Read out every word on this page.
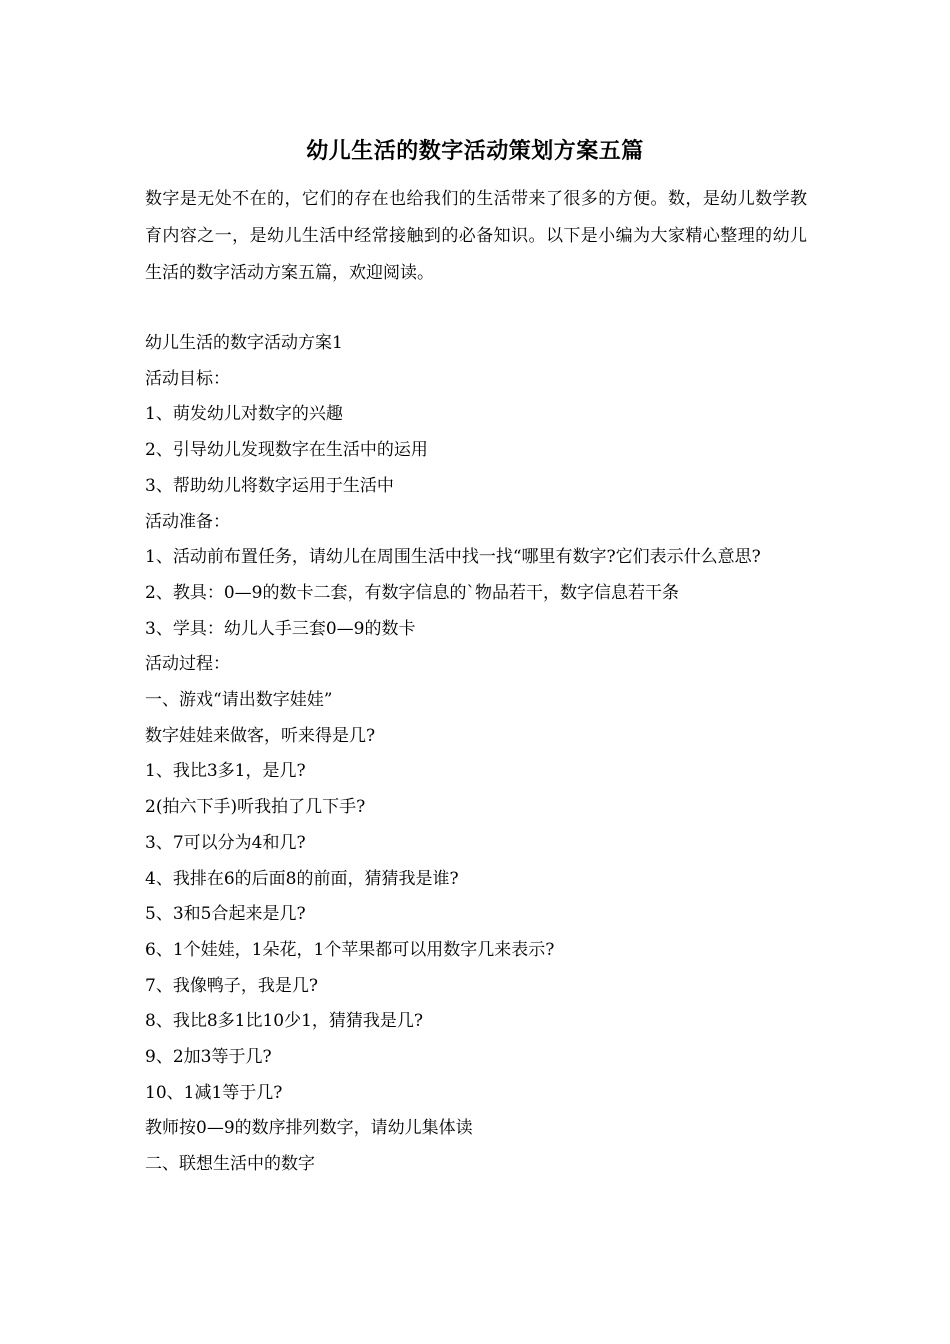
幼儿生活的数字活动策划方案五篇

数字是无处不在的，它们的存在也给我们的生活带来了很多的方便。数，是幼儿数学教育内容之一，是幼儿生活中经常接触到的必备知识。以下是小编为大家精心整理的幼儿生活的数字活动方案五篇，欢迎阅读。

幼儿生活的数字活动方案1

活动目标：

1、萌发幼儿对数字的兴趣

2、引导幼儿发现数字在生活中的运用

3、帮助幼儿将数字运用于生活中

活动准备：

1、活动前布置任务，请幼儿在周围生活中找一找“哪里有数字?它们表示什么意思?

2、教具：0—9的数卡二套，有数字信息的`物品若干，数字信息若干条

3、学具：幼儿人手三套0—9的数卡

活动过程：

一、游戏“请出数字娃娃”

数字娃娃来做客，听来得是几?

1、我比3多1，是几?

2(拍六下手)听我拍了几下手?

3、7可以分为4和几?

4、我排在6的后面8的前面，猜猜我是谁?

5、3和5合起来是几?

6、1个娃娃，1朵花，1个苹果都可以用数字几来表示?

7、我像鸭子，我是几?

8、我比8多1比10少1，猜猜我是几?

9、2加3等于几?

10、1减1等于几?

教师按0—9的数序排列数字，请幼儿集体读

二、联想生活中的数字
